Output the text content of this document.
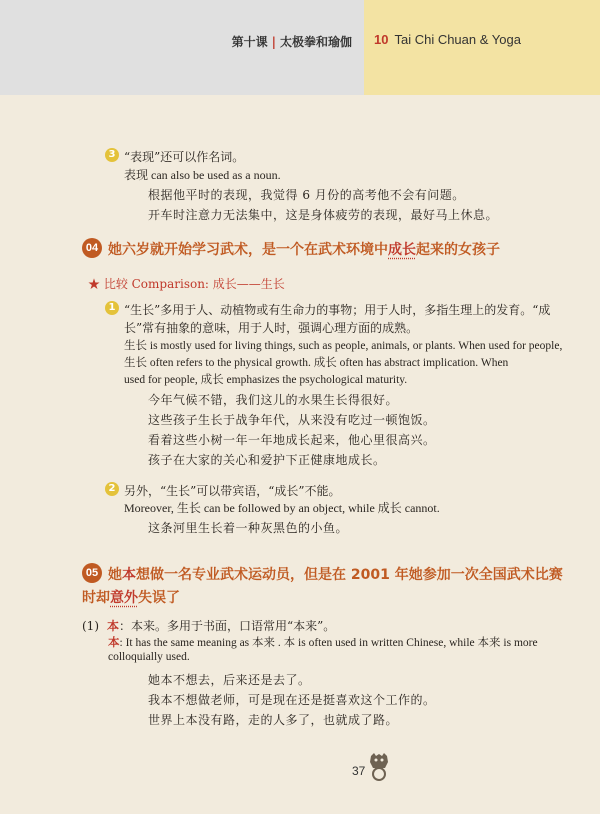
第十课 | 太极拳和瑜伽 10 Tai Chi Chuan & Yoga
3 “表现”还可以作名词。
表现 can also be used as a noun.
根据他平时的表现，我觉得 6 月份的高考他不会有问题。
开车时注意力无法集中，这是身体疲劳的表现，最好马上休息。
04 她六岁就开始学习武术，是一个在武术环境中成长起来的女孩子
★ 比较 Comparison: 成长——生长
1 “生长”多用于人、动植物或有生命力的事物；用于人时，多指生理上的发育。“成
长”常有抽象的意味，用于人时，强调心理方面的成熟。
生长 is mostly used for living things, such as people, animals, or plants. When used for people,
生长 often refers to the physical growth. 成长 often has abstract implication. When
used for people, 成长 emphasizes the psychological maturity.
今年气候不错，我们这儿的水果生长得很好。
这些孩子生长于战争年代，从来没有吃过一顿饱饭。
看着这些小树一年一年地成长起来，他心里很高兴。
孩子在大家的关心和爱护下正健康地成长。
2 另外，“生长”可以带宾语，“成长”不能。
Moreover, 生长 can be followed by an object, while 成长 cannot.
这条河里生长着一种灰黑色的小鱼。
05 她本想做一名专业武术运动员，但是在 2001 年她参加一次全国武术比赛
时却意外失误了
(1) 本：本来。多用于书面，口语常用“本来”。
本: It has the same meaning as 本来 . 本 is often used in written Chinese, while 本来 is more
colloquially used.
她本不想去，后来还是去了。
我本不想做老师，可是现在还是挺喜欢这个工作的。
世界上本没有路，走的人多了，也就成了路。
37
